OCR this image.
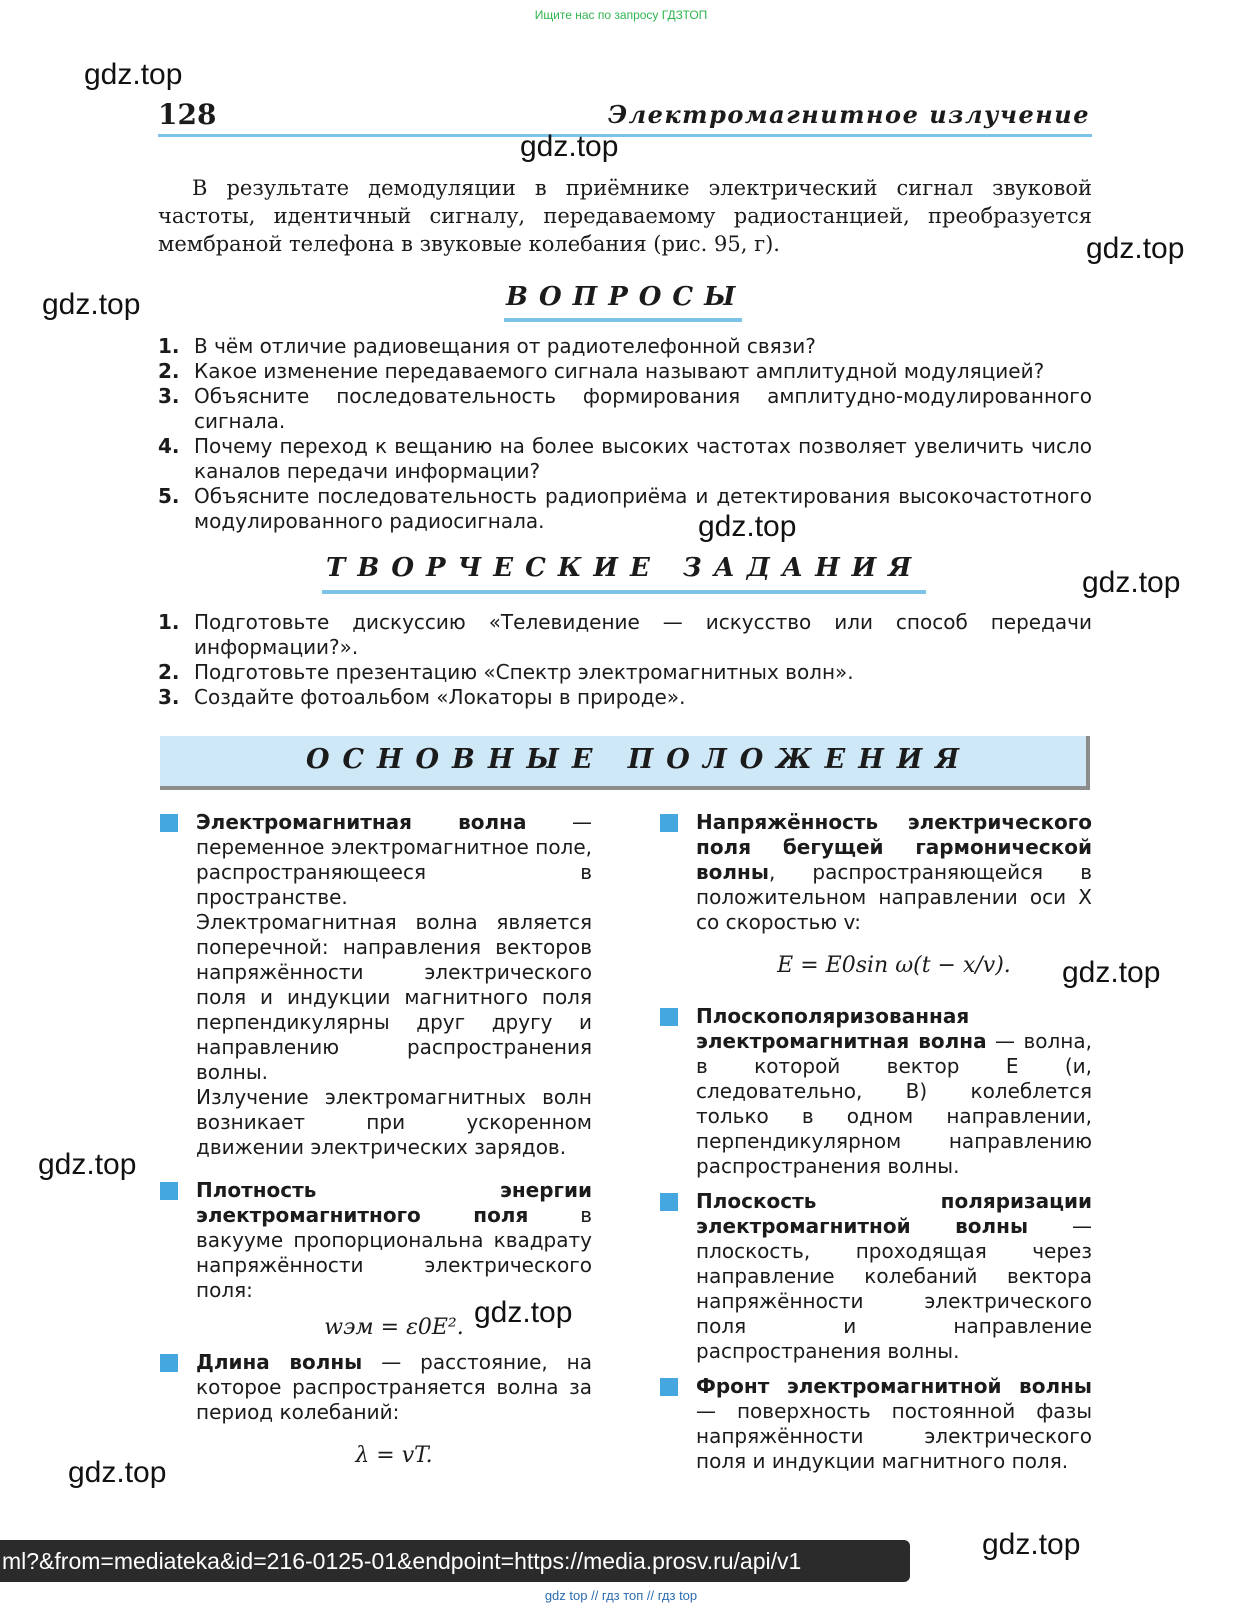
Ищите нас по запросу ГДЗТОП
128	Электромагнитное излучение
В результате демодуляции в приёмнике электрический сигнал звуковой частоты, идентичный сигналу, передаваемому радиостанцией, преобразуется мембраной телефона в звуковые колебания (рис. 95, г).
ВОПРОСЫ
1. В чём отличие радиовещания от радиотелефонной связи?
2. Какое изменение передаваемого сигнала называют амплитудной модуляцией?
3. Объясните последовательность формирования амплитудно-модулированного сигнала.
4. Почему переход к вещанию на более высоких частотах позволяет увеличить число каналов передачи информации?
5. Объясните последовательность радиоприёма и детектирования высокочастотного модулированного радиосигнала.
ТВОРЧЕСКИЕ ЗАДАНИЯ
1. Подготовьте дискуссию «Телевидение — искусство или способ передачи информации?».
2. Подготовьте презентацию «Спектр электромагнитных волн».
3. Создайте фотоальбом «Локаторы в природе».
ОСНОВНЫЕ ПОЛОЖЕНИЯ
Электромагнитная волна — переменное электромагнитное поле, распространяющееся в пространстве.
Электромагнитная волна является поперечной: направления векторов напряжённости электрического поля и индукции магнитного поля перпендикулярны друг другу и направлению распространения волны.
Излучение электромагнитных волн возникает при ускоренном движении электрических зарядов.
Плотность энергии электромагнитного поля в вакууме пропорциональна квадрату напряжённости электрического поля:
wэм = ε0E².
Длина волны — расстояние, на которое распространяется волна за период колебаний:
λ = vT.
Напряжённость электрического поля бегущей гармонической волны, распространяющейся в положительном направлении оси X со скоростью v:
E = E0sin ω(t − x/v).
Плоскополяризованная электромагнитная волна — волна, в которой вектор E (и, следовательно, B) колеблется только в одном направлении, перпендикулярном направлению распространения волны.
Плоскость поляризации электромагнитной волны — плоскость, проходящая через направление колебаний вектора напряжённости электрического поля и направление распространения волны.
Фронт электромагнитной волны — поверхность постоянной фазы напряжённости электрического поля и индукции магнитного поля.
gdz.top
gdz.top
gdz.top
gdz.top
gdz.top
gdz.top
gdz.top
gdz.top
gdz.top
gdz.top
gdz.top
ml?&from=mediateka&id=216-0125-01&endpoint=https://media.prosv.ru/api/v1
gdz top // гдз топ // гдз top
